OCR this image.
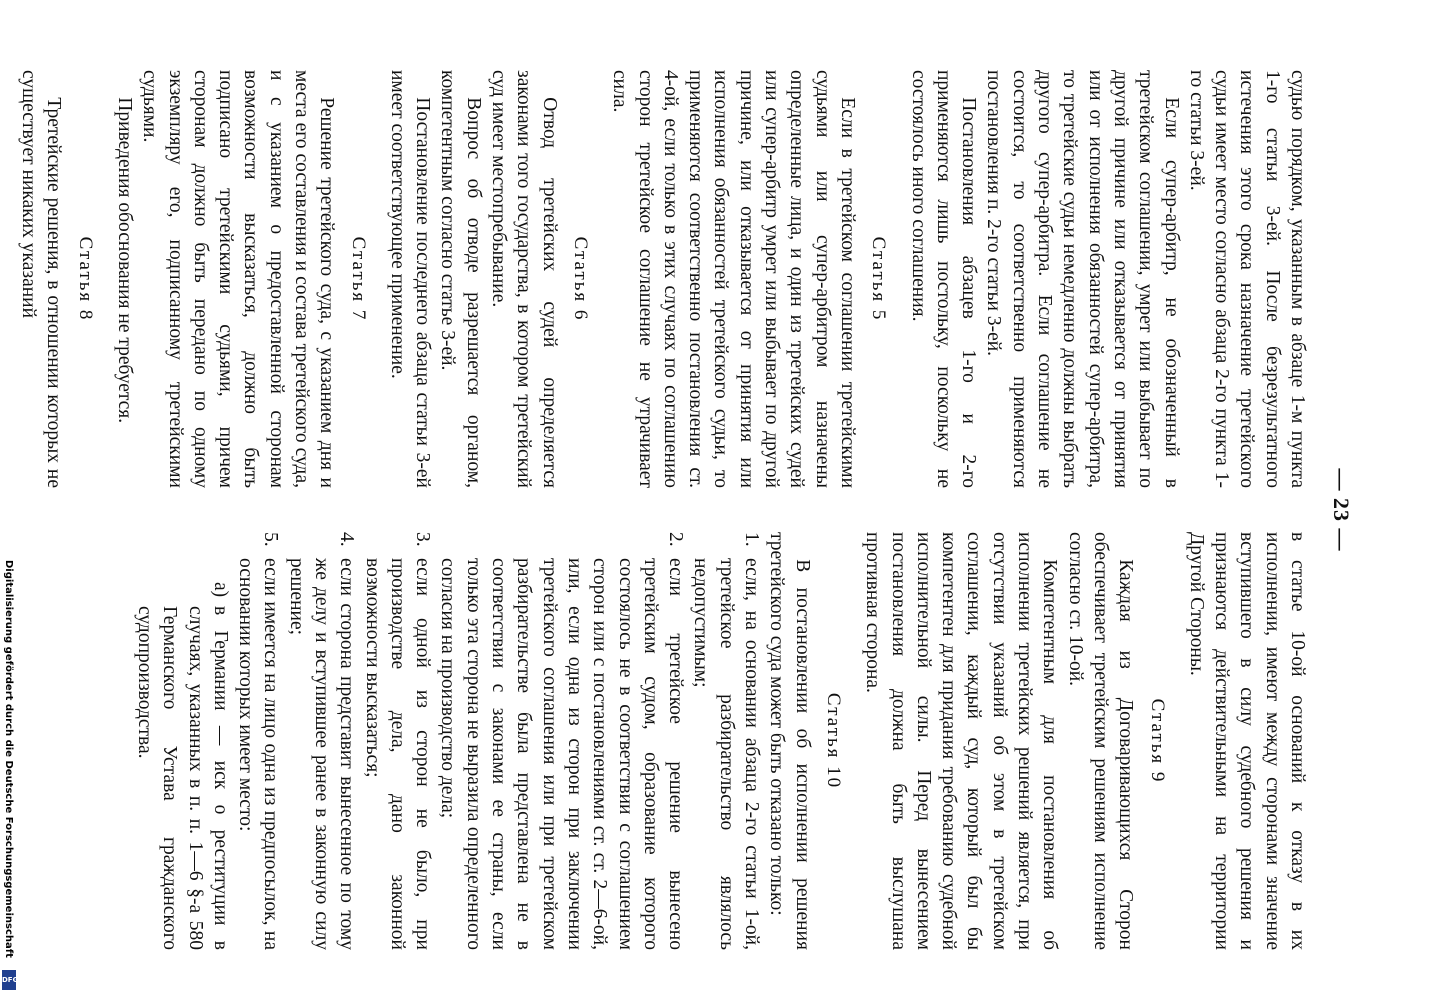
— 23 —

судью порядком, указанным в абзаце 1-м пункта 1-го статьи 3-ей. После безрезультатного истечения этого срока назначение третейского судьи имеет место согласно абзаца 2-го пункта 1-го статьи 3-ей.

Если супер-арбитр, не обозначенный в третейском соглашении, умрет или выбывает по другой причине или отказывается от принятия или от исполнения обязанностей супер-арбитра, то третейские судьи немедленно должны выбрать другого супер-арбитра. Если соглашение не состоится, то соответственно применяются постановления п. 2-го статьи 3-ей.

Постановления абзацев 1-го и 2-го применяются лишь постольку, поскольку не состоялось иного соглашения.

Статья 5

Если в третейском соглашении третейскими судьями или супер-арбитром назначены определенные лица, и один из третейских судей или супер-арбитр умрет или выбывает по другой причине, или отказывается от принятия или исполнения обязанностей третейского судьи, то применяются соответственно постановления ст. 4-ой, если только в этих случаях по соглашению сторон третейское соглашение не утрачивает сила.

Статья 6

Отвод третейских судей определяется законами того государства, в котором третейский суд имеет местопребывание.

Вопрос об отводе разрешается органом, компетентным согласно статье 3-ей.

Постановление последнего абзаца статьи 3-ей имеет соответствующее применение.

Статья 7

Решение третейского суда, с указанием дня и места его составления и состава третейского суда, и с указанием о предоставленной сторонам возможности высказаться, должно быть подписано третейскими судьями, причем сторонам должно быть передано по одному экземпляру его, подписанному третейскими судьями.

Приведения обоснования не требуется.

Статья 8

Третейские решения, в отношении которых не существует никаких указаний

в статье 10-ой оснований к отказу в их исполнении, имеют между сторонами значение вступившего в силу судебного решения и признаются действительными на территории Другой Стороны.

Статья 9

Каждая из Договаривающихся Сторон обеспечивает третейским решениям исполнение согласно ст. 10-ой.

Компетентным для постановления об исполнении третейских решений является, при отсутствии указаний об этом в третейском соглашении, каждый суд, который был бы компетентен для придания требованию судебной исполнительной силы. Перед вынесением постановления должна быть выслушана противная сторона.

Статья 10

В постановлении об исполнении решения третейского суда может быть отказано только:

1.
если, на основании абзаца 2-го статьи 1-ой, третейское разбирательство являлось недопустимым;
2.
если третейское решение вынесено третейским судом, образование которого состоялось не в соответствии с соглашением сторон или с постановлениями ст. ст. 2—6-ой, или, если одна из сторон при заключении третейского соглашения или при третейском разбирательстве была представлена не в соответствии с законами ее страны, если только эта сторона не выразила определенного согласия на производство дела;
3.
если одной из сторон не было, при производстве дела, дано законной возможности высказаться;
4.
если сторона представит вынесенное по тому же делу и вступившее ранее в законную силу решение;
5.
если имеется на лицо одна из предпосылок, на основании которых имеет место:
а)
в Германии — иск о реституции в случаях, указанных в п. п. 1—6 §-а 580 Германского Устава гражданского судопроизводства.
Digitalisierung gefördert durch die Deutsche Forschungsgemeinschaft
DFG
